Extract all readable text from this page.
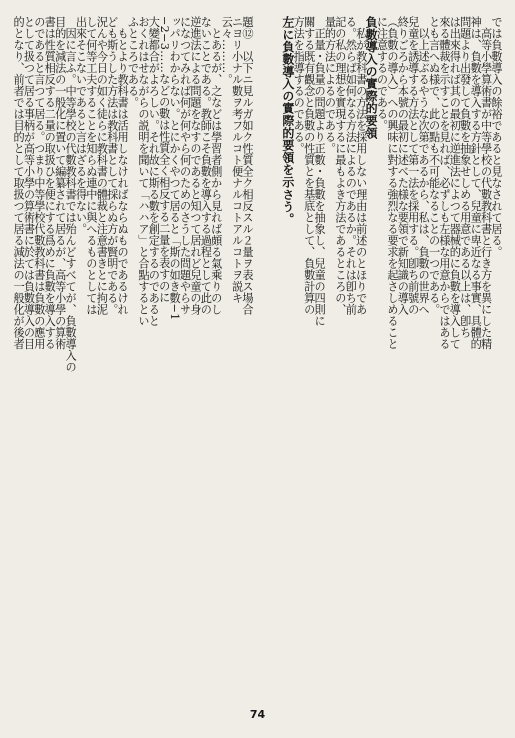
では負數導入の餘裕であると見なされて居る。
　高等小學算術書が中等學校の代數教科書と行き方を異にした精
神は、負數を導入する方針として、兒童に卑近なる事實、具體的
問題より出發して負數を抽象せしめる用意である以上は、卽ち
は出來得れば其の最初に逆進法によつて器械的に負數を導入して
來る體裁を示すことを見れば、必ずしも左様な用意からではある
とも言へぬ様で、此の點も不可能なることの一つである。
　以上述ぶるやうな次第であるから、私は、負數の世界へ
兒童を誘導する方法として第一法を採用する。卽ち前號の
終りごろから本號の最初に述べた様な要領で新知識の導入
（負數の導入）への興味に對する強烈なる要求を起さしめること
に注意するのである。
負數導入の實際的要領
　私が教科書の方法を採用しない理由は前述のとほりであ
る。然らば如何なる方法によるのであるか。それは卽ち前
記の私の理想を實現するに最もよき方法であるところの、
量的方法によるのである。
　正量・負量の問題より正數・負數を抽象し、兒童の四則に
關する既有觀念と負數の性質とを基底として、負數計算の
方法を指導するのである。
左に負數導入の實際的要領を示さう。
題⑫　以下ニ見ルガ如ク性質全ク相反スル２量ヲ表ス場合
ニヨリ小ナル數ヲ考フルコト便ナルコトアルコトヲ説キ
云々………。
　とあるが、之などは學習者側から見れば頗る氣乘りのし
ないことである。教師こそ負數を導入する過程として此の
逆進法による問題をなすのであると知つて居れど兒童の身
になつてみれば何が何やら何のためのさうした問題やらサ
ッパリわからない。とにかくやつて居ると「斯の如き數−1
−2−3……などの數は性質全く相反する二量を表すのに
大變都合がよろしい。それ故に斯る數を創定するのであると
おくれはせながらの説明を聞いて「ハハア」と合點するとい
ふところである。
　もとより教科書は活用しなければならぬものであるけれ
ども斯うした方法は教科書として採らぬ方が賢明である。
況んや今日の如く徒らに教科書の體裁と注意書きとに拘泥
して何等工夫することを知らぬ連中に與へるものとしては
出來そこないであると言はざるを得ない。
　因に言ふ。中等學校の代數教科書では殆んどすべてが、負數導入の
目的を減法の一般化に置いて編纂されて居るが、高等小學の算術
書は性質相反する二量の取扱ひを便にする爲めに負數を導入する
のであると言つて居る。つまり中等學校代數教科書は負數の應用
として扱つて居る事柄が高等小學の算術書に於ては負數導入の目
的となり、前者では目的として取扱つて居る減法の一般化が後者
74
